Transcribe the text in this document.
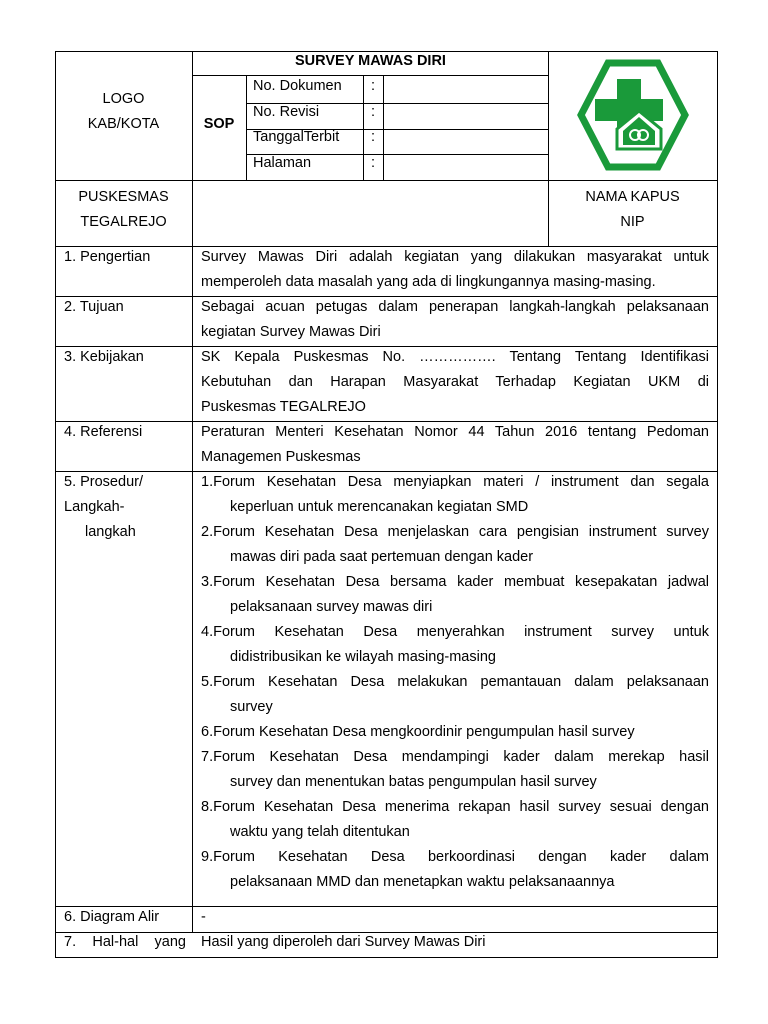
LOGO
KAB/KOTA
SURVEY MAWAS DIRI
SOP
No. Dokumen :
No. Revisi	:
TanggalTerbit :
Halaman	:
PUSKESMAS
TEGALREJO
NAMA KAPUS
NIP
1. Pengertian
2. Tujuan
3. Kebijakan
4. Referensi
5. Prosedur/
Langkah-
langkah
6. Diagram Alir
7. Hal-hal yang
Survey Mawas Diri adalah kegiatan yang dilakukan masyarakat untuk
memperoleh data masalah yang ada di lingkungannya masing-masing.
Sebagai acuan petugas dalam penerapan langkah-langkah pelaksanaan
kegiatan Survey Mawas Diri
SK Kepala Puskesmas No. ……………. Tentang Tentang Identifikasi
Kebutuhan dan Harapan Masyarakat Terhadap Kegiatan UKM di
Puskesmas TEGALREJO
Peraturan Menteri Kesehatan Nomor 44 Tahun 2016 tentang Pedoman
Managemen Puskesmas
1.Forum Kesehatan Desa menyiapkan materi / instrument dan segala
keperluan untuk merencanakan kegiatan SMD
2.Forum Kesehatan Desa menjelaskan cara pengisian instrument survey
mawas diri pada saat pertemuan dengan kader
3.Forum Kesehatan Desa bersama kader membuat kesepakatan jadwal
pelaksanaan survey mawas diri
4.Forum Kesehatan Desa menyerahkan instrument survey untuk
didistribusikan ke wilayah masing-masing
5.Forum Kesehatan Desa melakukan pemantauan dalam pelaksanaan
survey
6.Forum Kesehatan Desa mengkoordinir pengumpulan hasil survey
7.Forum Kesehatan Desa mendampingi kader dalam merekap hasil
survey dan menentukan batas pengumpulan hasil survey
8.Forum Kesehatan Desa menerima rekapan hasil survey sesuai dengan
waktu yang telah ditentukan
9.Forum Kesehatan Desa berkoordinasi dengan kader dalam
pelaksanaan MMD dan menetapkan waktu pelaksanaannya
-
Hasil yang diperoleh dari Survey Mawas Diri
